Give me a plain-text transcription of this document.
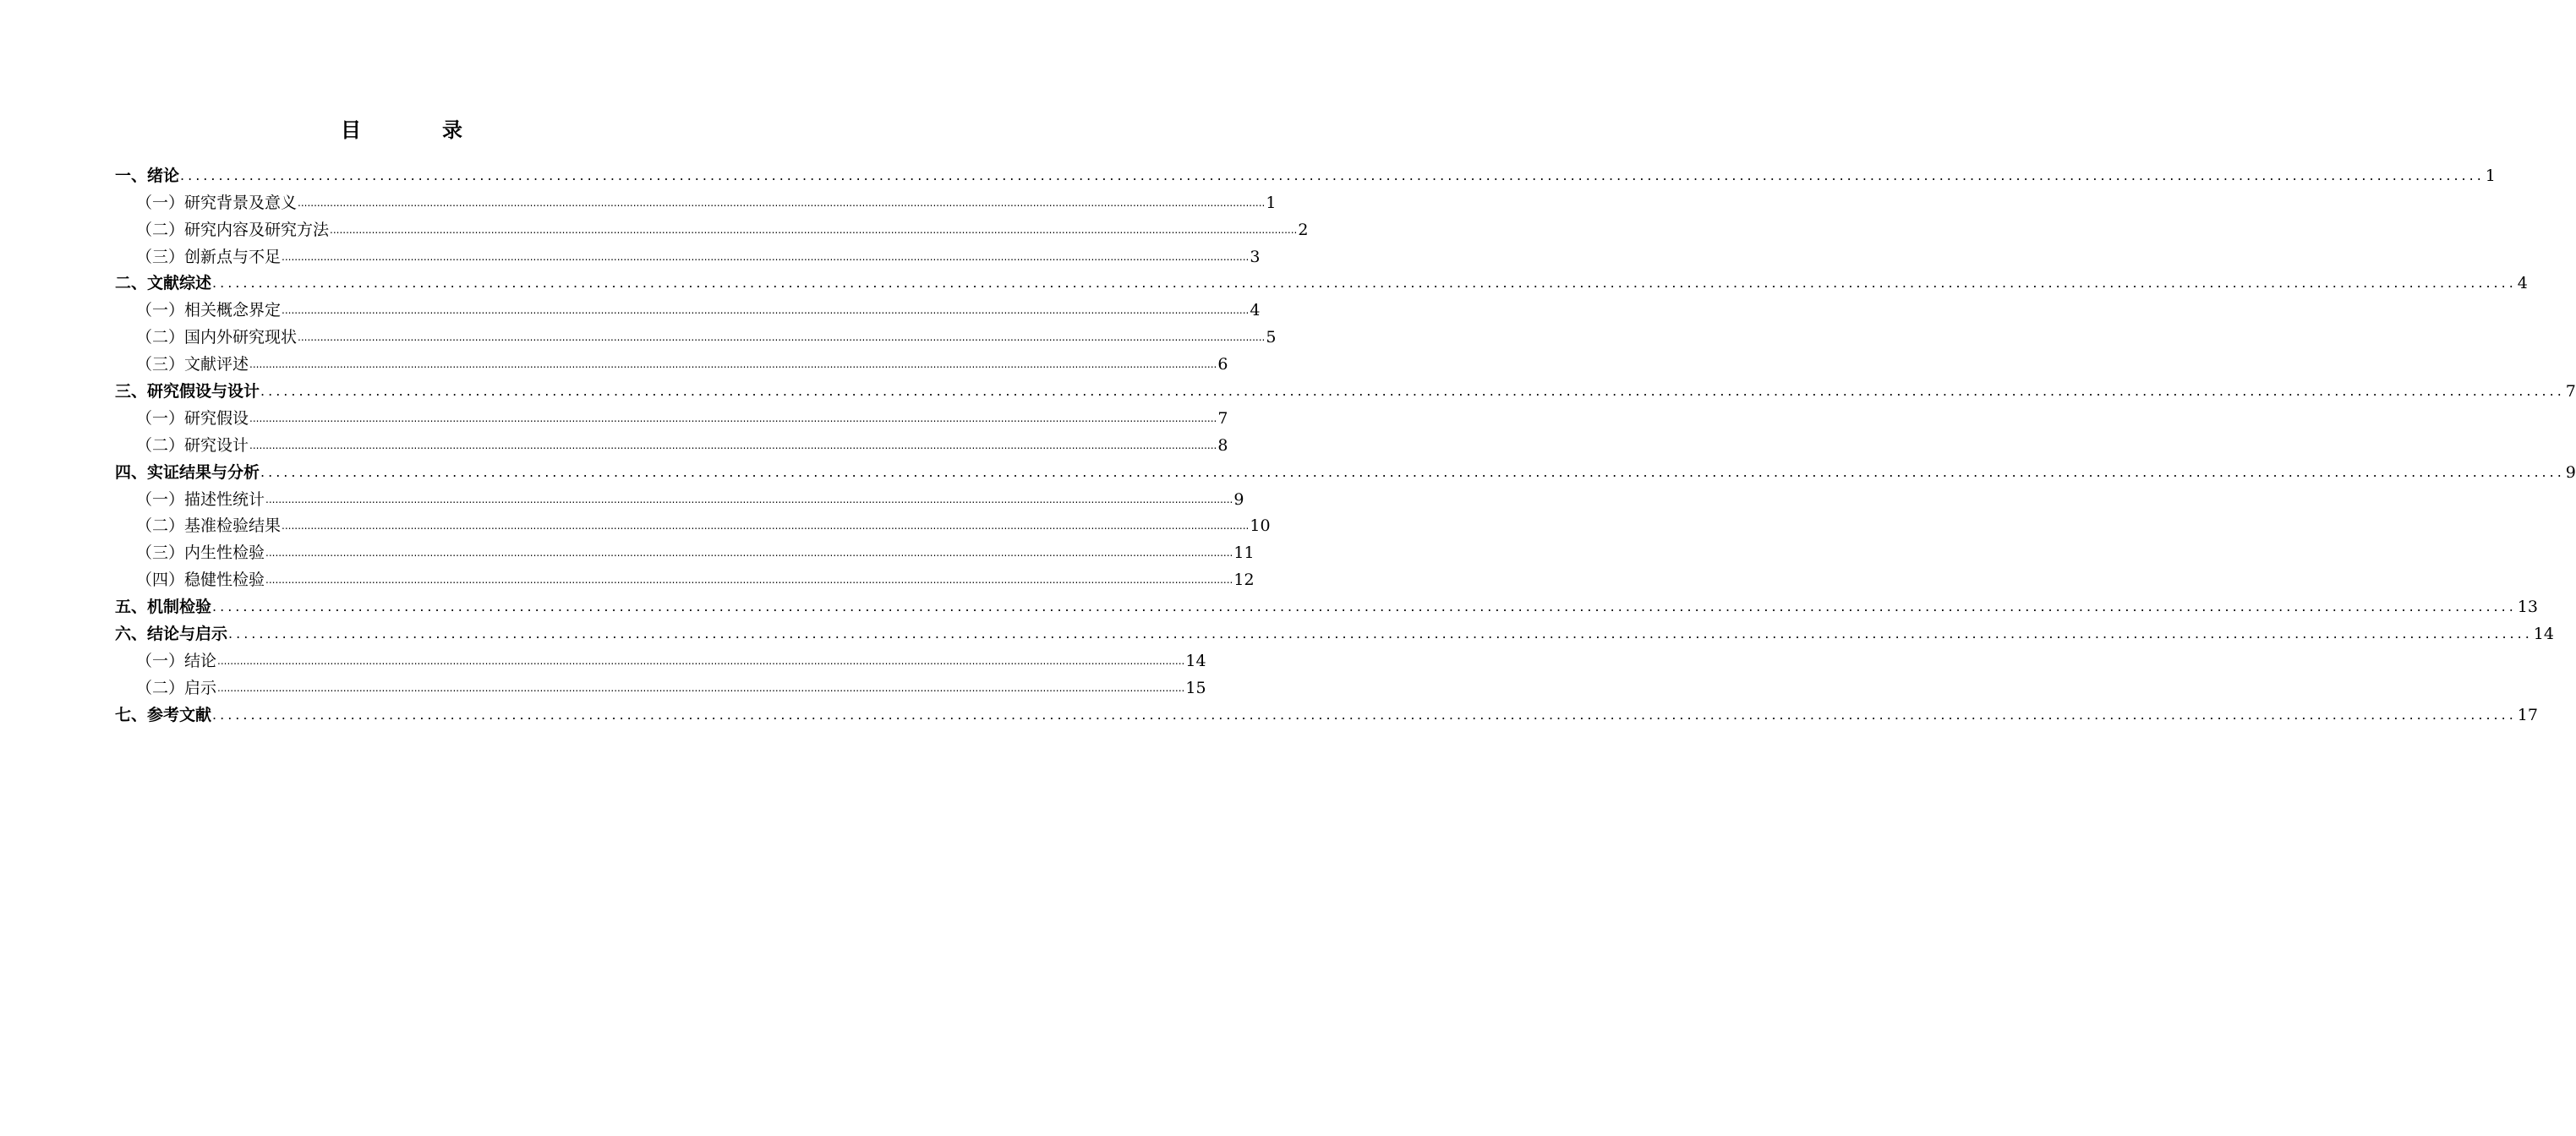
目	录
一、绪论 ............................................................................................................................................................................................................................................................................................................ 1
（一）研究背景及意义 ............................................................................................................................................................................................................................................................................................................ 1
（二）研究内容及研究方法 ............................................................................................................................................................................................................................................................................................................ 2
（三）创新点与不足 ............................................................................................................................................................................................................................................................................................................ 3
二、文献综述 ............................................................................................................................................................................................................................................................................................................ 4
（一）相关概念界定 ............................................................................................................................................................................................................................................................................................................ 4
（二）国内外研究现状 ............................................................................................................................................................................................................................................................................................................ 5
（三）文献评述 ............................................................................................................................................................................................................................................................................................................ 6
三、研究假设与设计 ............................................................................................................................................................................................................................................................................................................ 7
（一）研究假设 ............................................................................................................................................................................................................................................................................................................ 7
（二）研究设计 ............................................................................................................................................................................................................................................................................................................ 8
四、实证结果与分析 ............................................................................................................................................................................................................................................................................................................ 9
（一）描述性统计 ............................................................................................................................................................................................................................................................................................................ 9
（二）基准检验结果 ............................................................................................................................................................................................................................................................................................................ 10
（三）内生性检验 ............................................................................................................................................................................................................................................................................................................ 11
（四）稳健性检验 ............................................................................................................................................................................................................................................................................................................ 12
五、机制检验 ............................................................................................................................................................................................................................................................................................................ 13
六、结论与启示 ............................................................................................................................................................................................................................................................................................................ 14
（一）结论 ............................................................................................................................................................................................................................................................................................................ 14
（二）启示 ............................................................................................................................................................................................................................................................................................................ 15
七、参考文献 ............................................................................................................................................................................................................................................................................................................ 17
